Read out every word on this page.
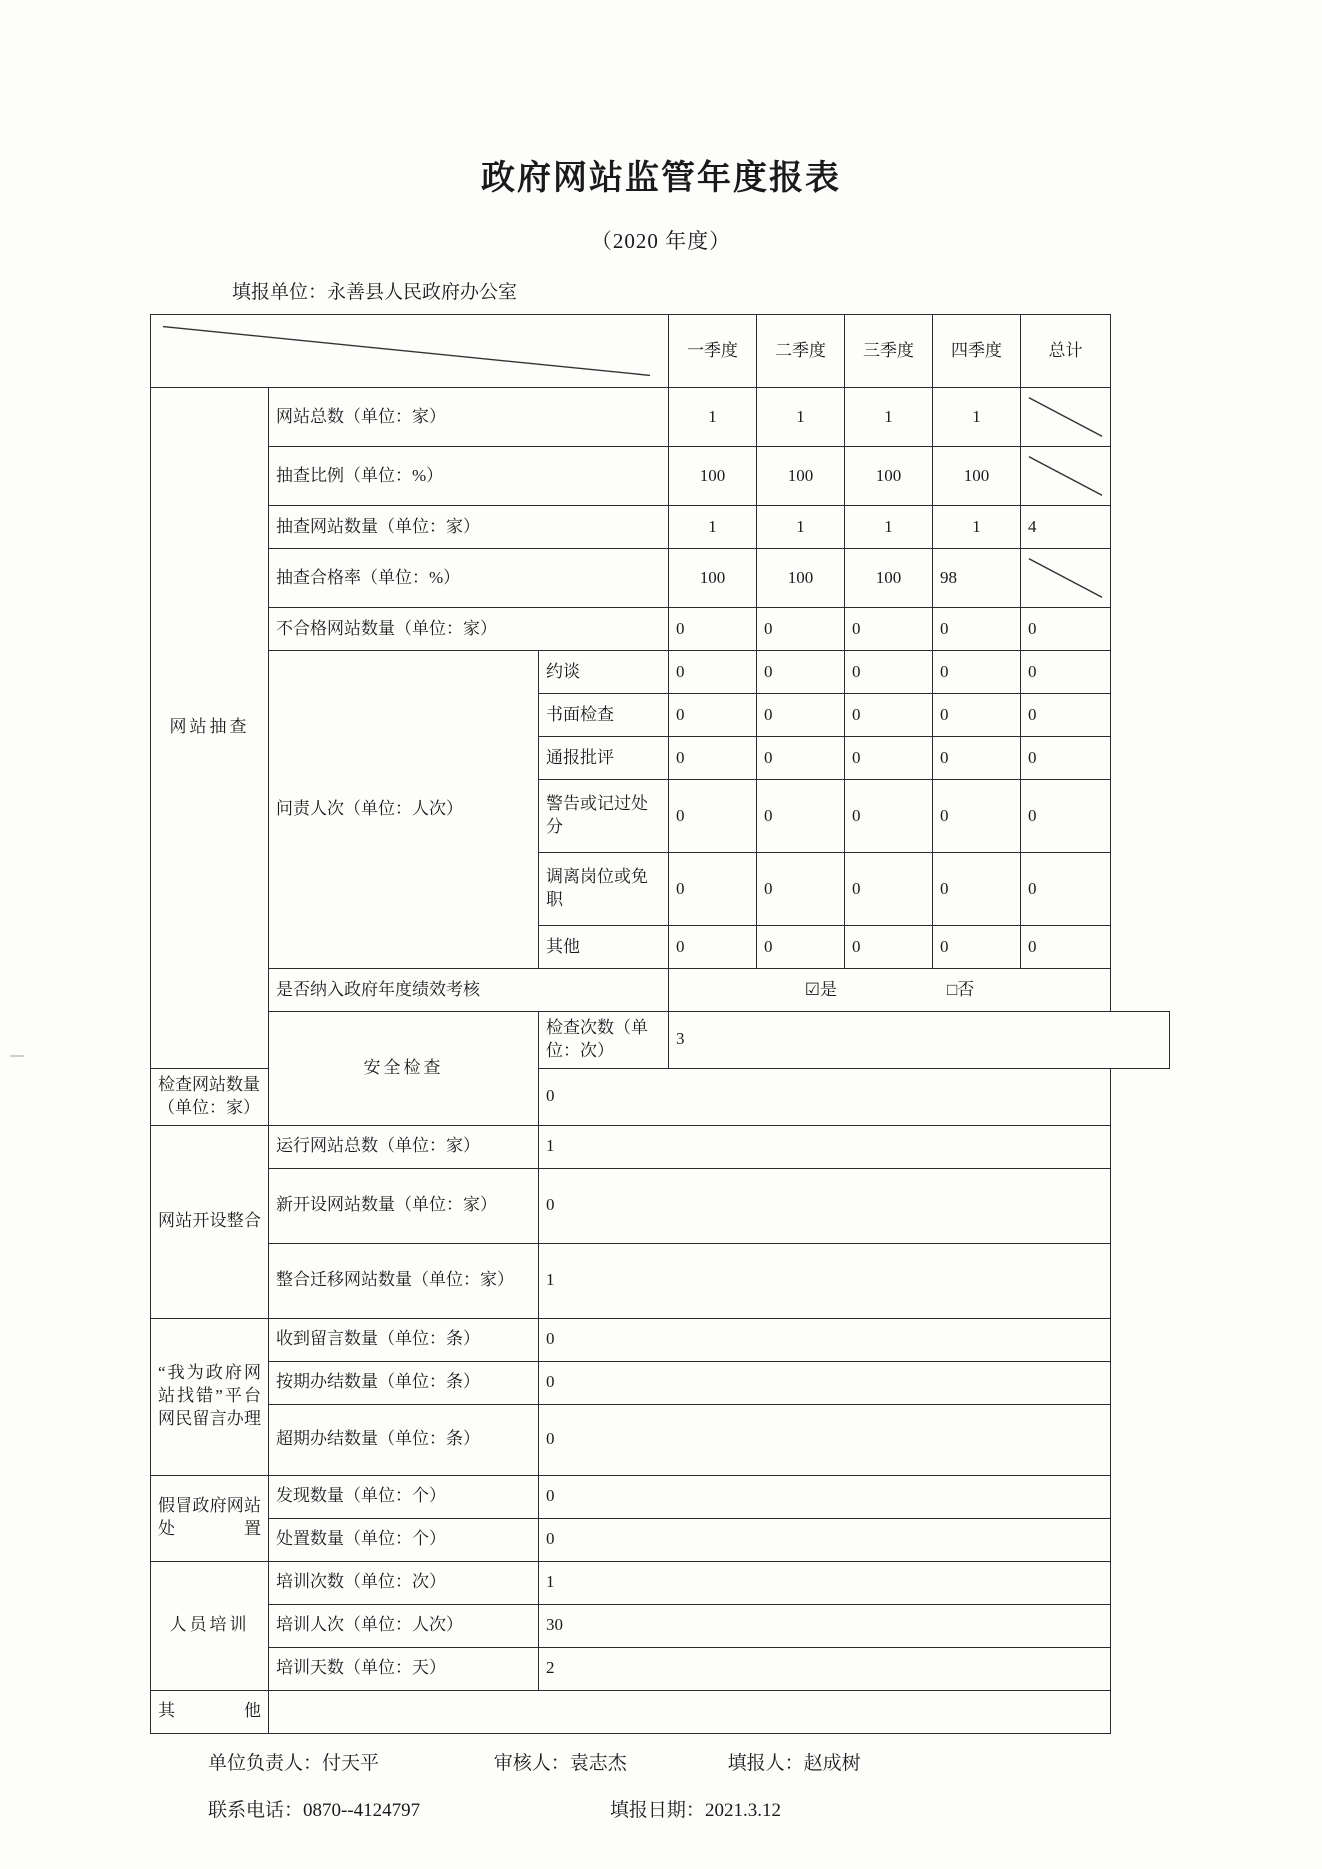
政府网站监管年度报表
（2020 年度）
填报单位：永善县人民政府办公室
	一季度	二季度	三季度	四季度	总计
网站抽查	网站总数（单位：家）		1	1	1	1	

	抽查比例（单位：%）		100	100	100	100	

	抽查网站数量（单位：家）		1	1	1	1	4
	抽查合格率（单位：%）		100	100	100	98	

	不合格网站数量（单位：家）		0	0	0	0	0
	问责人次（单位：人次）	约谈	0	0	0	0	0
		书面检查	0	0	0	0	0
		通报批评	0	0	0	0	0
		警告或记过处分	0	0	0	0	0
		调离岗位或免职	0	0	0	0	0
		其他	0	0	0	0	0
	是否纳入政府年度绩效考核		☑是 □否				
	安全检查	检查次数（单位：次）	3				
检查网站数量（单位：家）		0					
网站开设整合	运行网站总数（单位：家）	1					
	新开设网站数量（单位：家）	0					
	整合迁移网站数量（单位：家）	1					
“我为政府网站找错”平台网民留言办理	收到留言数量（单位：条）	0					
	按期办结数量（单位：条）	0					
	超期办结数量（单位：条）	0					
假冒政府网站处置	发现数量（单位：个）	0					
	处置数量（单位：个）	0					
人员培训	培训次数（单位：次）	1					
	培训人次（单位：人次）	30					
	培训天数（单位：天）	2					
其　　他							
单位负责人：付天平	审核人：袁志杰	填报人：赵成树
联系电话：0870--4124797	填报日期：2021.3.12
